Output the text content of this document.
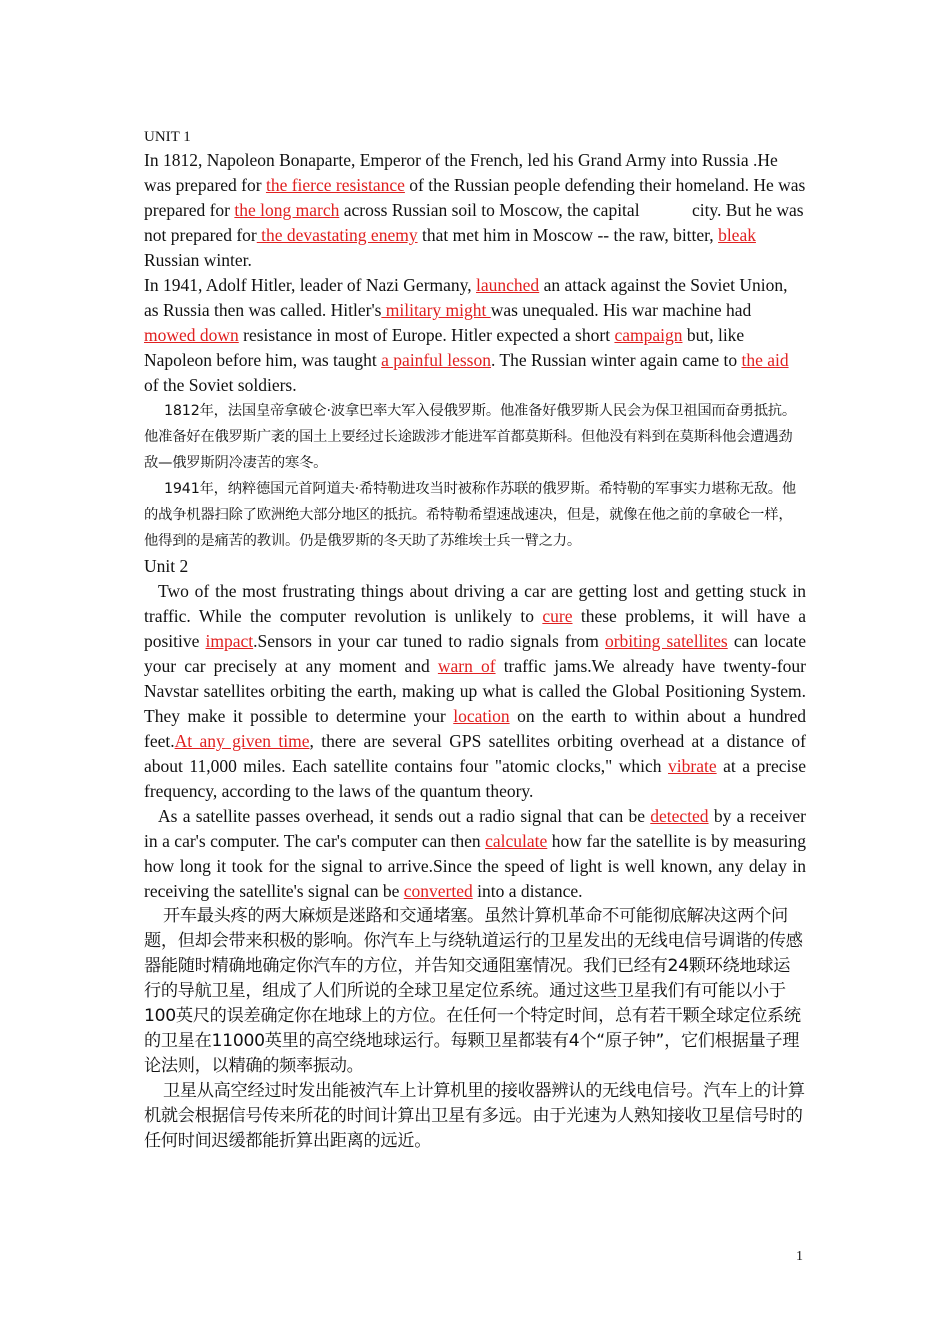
UNIT 1

In 1812, Napoleon Bonaparte, Emperor of the French, led his Grand Army into Russia .He was prepared for the fierce resistance of the Russian people defending their homeland. He was prepared for the long march across Russian soil to Moscow, the capital	city. But he was not prepared for the devastating enemy that met him in Moscow -- the raw, bitter, bleak Russian winter.

In 1941, Adolf Hitler, leader of Nazi Germany, launched an attack against the Soviet Union, as Russia then was called. Hitler's military might was unequaled. His war machine had mowed down resistance in most of Europe. Hitler expected a short campaign but, like Napoleon before him, was taught a painful lesson. The Russian winter again came to the aid of the Soviet soldiers.

1812年，法国皇帝拿破仑·波拿巴率大军入侵俄罗斯。他准备好俄罗斯人民会为保卫祖国而奋勇抵抗。他准备好在俄罗斯广袤的国土上要经过长途跋涉才能进军首都莫斯科。但他没有料到在莫斯科他会遭遇劲敌—俄罗斯阴冷凄苦的寒冬。

1941年，纳粹德国元首阿道夫·希特勒进攻当时被称作苏联的俄罗斯。希特勒的军事实力堪称无敌。他的战争机器扫除了欧洲绝大部分地区的抵抗。希特勒希望速战速决，但是，就像在他之前的拿破仑一样，他得到的是痛苦的教训。仍是俄罗斯的冬天助了苏维埃士兵一臂之力。

Unit 2

Two of the most frustrating things about driving a car are getting lost and getting stuck in traffic. While the computer revolution is unlikely to cure these problems, it will have a positive impact.Sensors in your car tuned to radio signals from orbiting satellites can locate your car precisely at any moment and warn of traffic jams.We already have twenty-four Navstar satellites orbiting the earth, making up what is called the Global Positioning System. They make it possible to determine your location on the earth to within about a hundred feet.At any given time, there are several GPS satellites orbiting overhead at a distance of about 11,000 miles. Each satellite contains four "atomic clocks," which vibrate at a precise frequency, according to the laws of the quantum theory.

As a satellite passes overhead, it sends out a radio signal that can be detected by a receiver in a car's computer. The car's computer can then calculate how far the satellite is by measuring how long it took for the signal to arrive.Since the speed of light is well known, any delay in receiving the satellite's signal can be converted into a distance.

开车最头疼的两大麻烦是迷路和交通堵塞。虽然计算机革命不可能彻底解决这两个问题，但却会带来积极的影响。你汽车上与绕轨道运行的卫星发出的无线电信号调谐的传感器能随时精确地确定你汽车的方位，并告知交通阻塞情况。我们已经有24颗环绕地球运行的导航卫星，组成了人们所说的全球卫星定位系统。通过这些卫星我们有可能以小于100英尺的误差确定你在地球上的方位。在任何一个特定时间，总有若干颗全球定位系统的卫星在11000英里的高空绕地球运行。每颗卫星都装有4个“原子钟”，它们根据量子理论法则，以精确的频率振动。

卫星从高空经过时发出能被汽车上计算机里的接收器辨认的无线电信号。汽车上的计算机就会根据信号传来所花的时间计算出卫星有多远。由于光速为人熟知接收卫星信号时的任何时间迟缓都能折算出距离的远近。

1
